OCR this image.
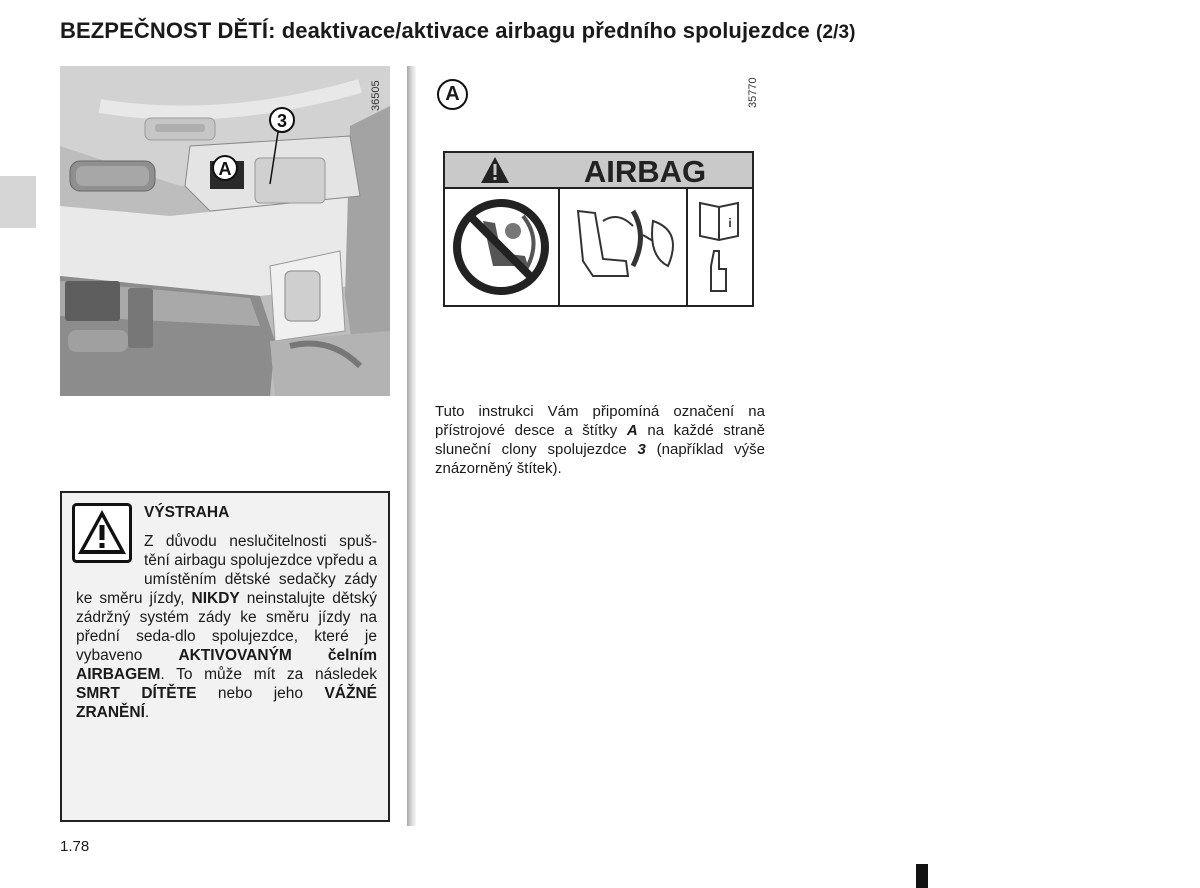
BEZPEČNOST DĚTÍ: deaktivace/aktivace airbagu předního spolujezdce (2/3)
3
A
36505	A	35770
AIRBAG
i
Tuto instrukci Vám připomíná označení na přístrojové desce a štítky A na každé straně sluneční clony spolujezdce 3 (například výše znázorněný štítek).
VÝSTRAHA
Z důvodu neslučitelnosti spuš-tění airbagu spolujezdce vpředu a umístěním dětské sedačky zády ke směru jízdy, NIKDY neinstalujte dětský zádržný systém zády ke směru jízdy na přední seda-dlo spolujezdce, které je vybaveno AKTIVOVANÝM čelním AIRBAGEM. To může mít za následek SMRT DÍTĚTE nebo jeho VÁŽNÉ ZRANĚNÍ.
1.78
